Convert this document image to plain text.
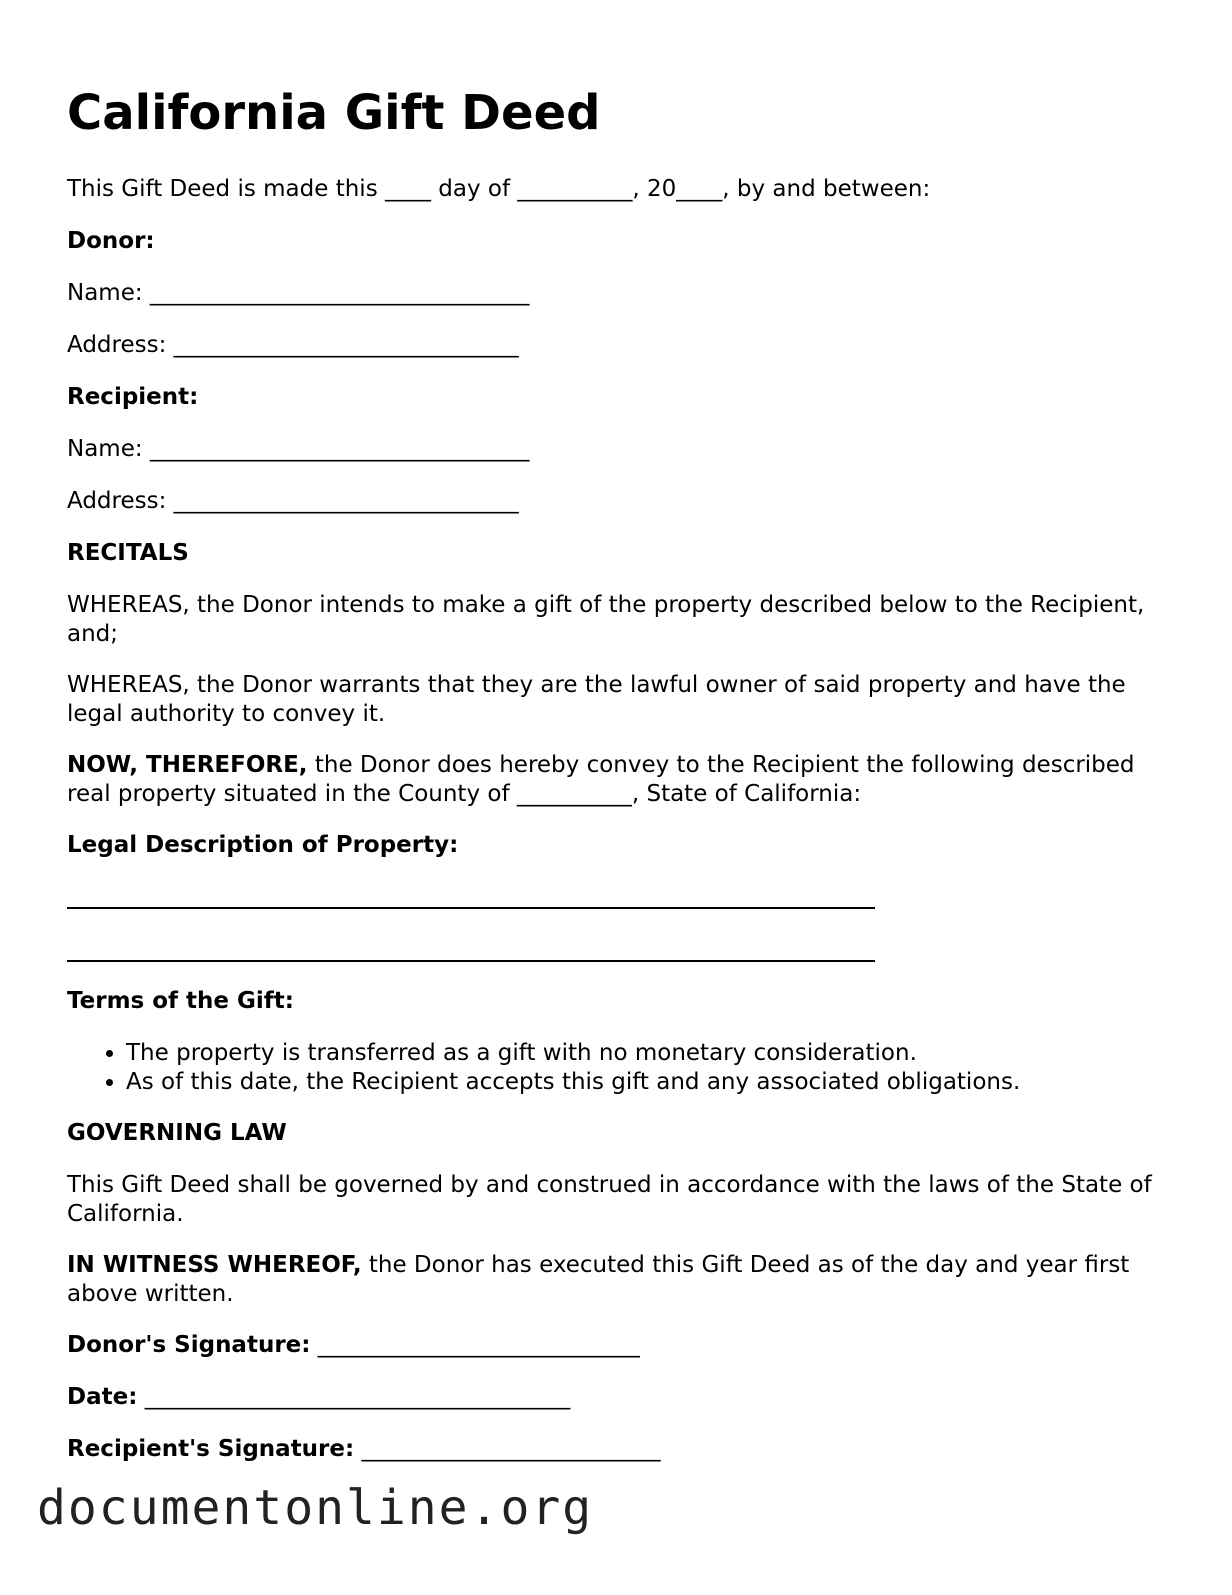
California Gift Deed

This Gift Deed is made this ____ day of __________, 20____, by and between:

Donor:

Name: _________________________________

Address: ______________________________

Recipient:

Name: _________________________________

Address: ______________________________

RECITALS

WHEREAS, the Donor intends to make a gift of the property described below to the Recipient, and;

WHEREAS, the Donor warrants that they are the lawful owner of said property and have the legal authority to convey it.

NOW, THEREFORE, the Donor does hereby convey to the Recipient the following described real property situated in the County of __________, State of California:

Legal Description of Property:

Terms of the Gift:

• The property is transferred as a gift with no monetary consideration.
• As of this date, the Recipient accepts this gift and any associated obligations.

GOVERNING LAW

This Gift Deed shall be governed by and construed in accordance with the laws of the State of California.

IN WITNESS WHEREOF, the Donor has executed this Gift Deed as of the day and year first above written.

Donor's Signature: ____________________________

Date: _____________________________________

Recipient's Signature: __________________________

documentonline.org
